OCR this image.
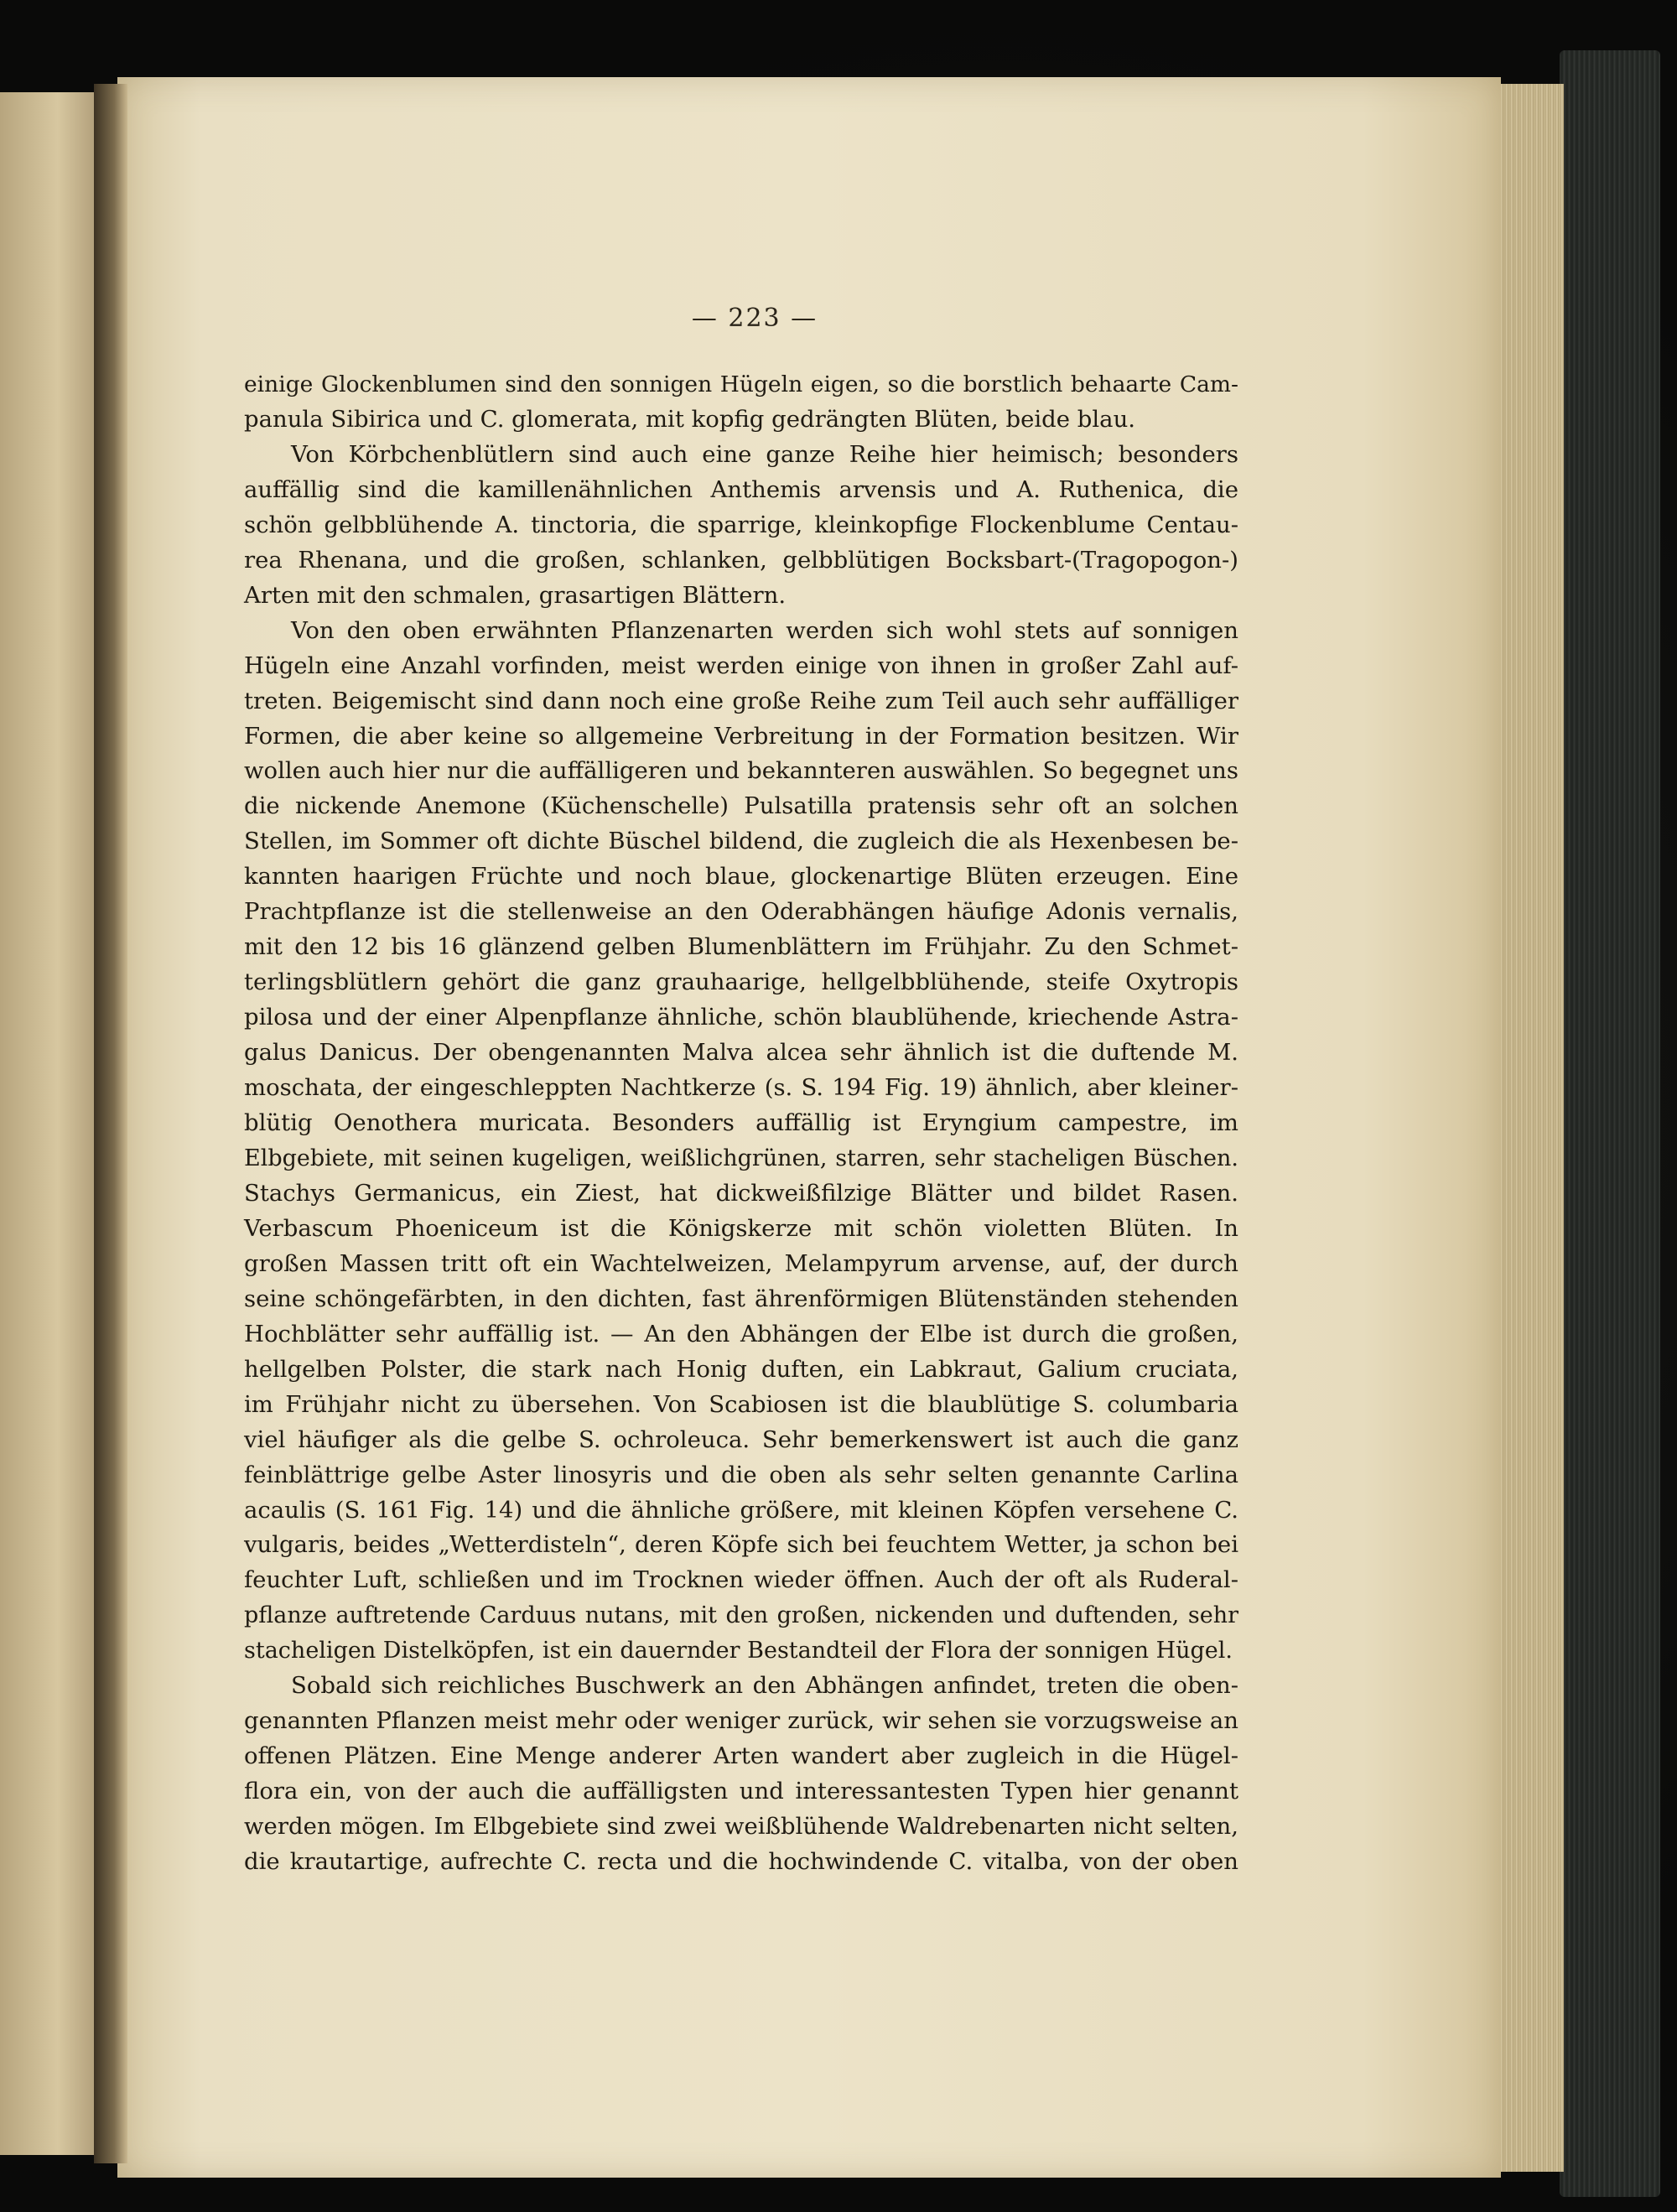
— 223 —
einige Glockenblumen sind den sonnigen Hügeln eigen, so die borstlich behaarte Cam-
panula Sibirica und C. glomerata, mit kopfig gedrängten Blüten, beide blau.
Von Körbchenblütlern sind auch eine ganze Reihe hier heimisch; besonders
auffällig sind die kamillenähnlichen Anthemis arvensis und A. Ruthenica, die
schön gelbblühende A. tinctoria, die sparrige, kleinkopfige Flockenblume Centau-
rea Rhenana, und die großen, schlanken, gelbblütigen Bocksbart-(Tragopogon-)
Arten mit den schmalen, grasartigen Blättern.
Von den oben erwähnten Pflanzenarten werden sich wohl stets auf sonnigen
Hügeln eine Anzahl vorfinden, meist werden einige von ihnen in großer Zahl auf-
treten. Beigemischt sind dann noch eine große Reihe zum Teil auch sehr auffälliger
Formen, die aber keine so allgemeine Verbreitung in der Formation besitzen. Wir
wollen auch hier nur die auffälligeren und bekannteren auswählen. So begegnet uns
die nickende Anemone (Küchenschelle) Pulsatilla pratensis sehr oft an solchen
Stellen, im Sommer oft dichte Büschel bildend, die zugleich die als Hexenbesen be-
kannten haarigen Früchte und noch blaue, glockenartige Blüten erzeugen. Eine
Prachtpflanze ist die stellenweise an den Oderabhängen häufige Adonis vernalis,
mit den 12 bis 16 glänzend gelben Blumenblättern im Frühjahr. Zu den Schmet-
terlingsblütlern gehört die ganz grauhaarige, hellgelbblühende, steife Oxytropis
pilosa und der einer Alpenpflanze ähnliche, schön blaublühende, kriechende Astra-
galus Danicus. Der obengenannten Malva alcea sehr ähnlich ist die duftende M.
moschata, der eingeschleppten Nachtkerze (s. S. 194 Fig. 19) ähnlich, aber kleiner-
blütig Oenothera muricata. Besonders auffällig ist Eryngium campestre, im
Elbgebiete, mit seinen kugeligen, weißlichgrünen, starren, sehr stacheligen Büschen.
Stachys Germanicus, ein Ziest, hat dickweißfilzige Blätter und bildet Rasen.
Verbascum Phoeniceum ist die Königskerze mit schön violetten Blüten. In
großen Massen tritt oft ein Wachtelweizen, Melampyrum arvense, auf, der durch
seine schöngefärbten, in den dichten, fast ährenförmigen Blütenständen stehenden
Hochblätter sehr auffällig ist. — An den Abhängen der Elbe ist durch die großen,
hellgelben Polster, die stark nach Honig duften, ein Labkraut, Galium cruciata,
im Frühjahr nicht zu übersehen. Von Scabiosen ist die blaublütige S. columbaria
viel häufiger als die gelbe S. ochroleuca. Sehr bemerkenswert ist auch die ganz
feinblättrige gelbe Aster linosyris und die oben als sehr selten genannte Carlina
acaulis (S. 161 Fig. 14) und die ähnliche größere, mit kleinen Köpfen versehene C.
vulgaris, beides „Wetterdisteln“, deren Köpfe sich bei feuchtem Wetter, ja schon bei
feuchter Luft, schließen und im Trocknen wieder öffnen. Auch der oft als Ruderal-
pflanze auftretende Carduus nutans, mit den großen, nickenden und duftenden, sehr
stacheligen Distelköpfen, ist ein dauernder Bestandteil der Flora der sonnigen Hügel.
Sobald sich reichliches Buschwerk an den Abhängen anfindet, treten die oben-
genannten Pflanzen meist mehr oder weniger zurück, wir sehen sie vorzugsweise an
offenen Plätzen. Eine Menge anderer Arten wandert aber zugleich in die Hügel-
flora ein, von der auch die auffälligsten und interessantesten Typen hier genannt
werden mögen. Im Elbgebiete sind zwei weißblühende Waldrebenarten nicht selten,
die krautartige, aufrechte C. recta und die hochwindende C. vitalba, von der oben
